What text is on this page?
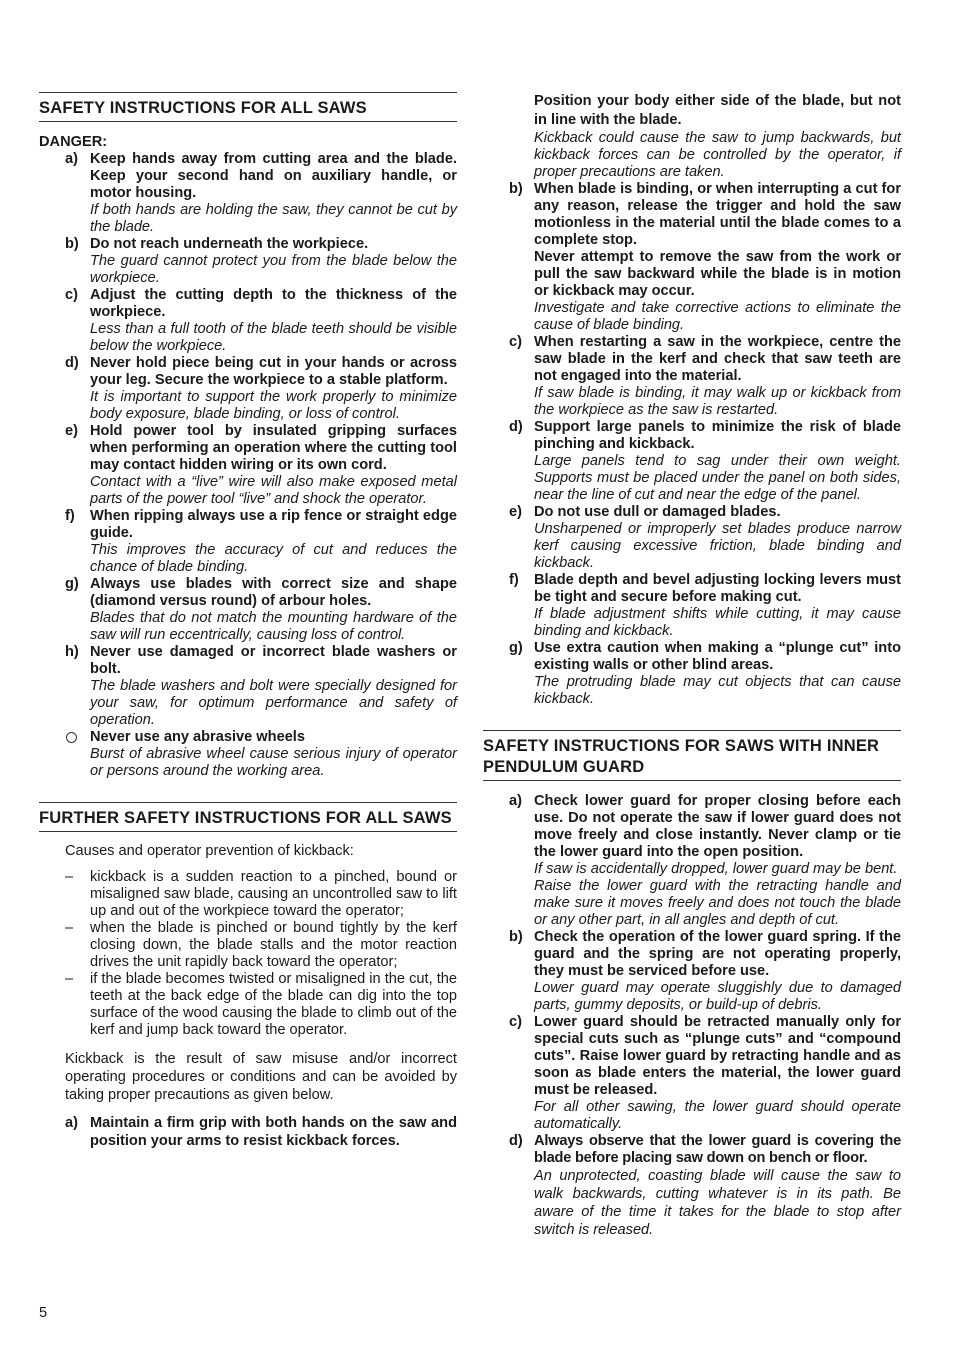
SAFETY INSTRUCTIONS FOR ALL SAWS
DANGER:
a) Keep hands away from cutting area and the blade. Keep your second hand on auxiliary handle, or motor housing.
If both hands are holding the saw, they cannot be cut by the blade.
b) Do not reach underneath the workpiece.
The guard cannot protect you from the blade below the workpiece.
c) Adjust the cutting depth to the thickness of the workpiece.
Less than a full tooth of the blade teeth should be visible below the workpiece.
d) Never hold piece being cut in your hands or across your leg. Secure the workpiece to a stable platform.
It is important to support the work properly to minimize body exposure, blade binding, or loss of control.
e) Hold power tool by insulated gripping surfaces when performing an operation where the cutting tool may contact hidden wiring or its own cord.
Contact with a “live” wire will also make exposed metal parts of the power tool “live” and shock the operator.
f) When ripping always use a rip fence or straight edge guide.
This improves the accuracy of cut and reduces the chance of blade binding.
g) Always use blades with correct size and shape (diamond versus round) of arbour holes.
Blades that do not match the mounting hardware of the saw will run eccentrically, causing loss of control.
h) Never use damaged or incorrect blade washers or bolt.
The blade washers and bolt were specially designed for your saw, for optimum performance and safety of operation.
Never use any abrasive wheels
Burst of abrasive wheel cause serious injury of operator or persons around the working area.
FURTHER SAFETY INSTRUCTIONS FOR ALL SAWS
Causes and operator prevention of kickback:
– kickback is a sudden reaction to a pinched, bound or misaligned saw blade, causing an uncontrolled saw to lift up and out of the workpiece toward the operator;
– when the blade is pinched or bound tightly by the kerf closing down, the blade stalls and the motor reaction drives the unit rapidly back toward the operator;
– if the blade becomes twisted or misaligned in the cut, the teeth at the back edge of the blade can dig into the top surface of the wood causing the blade to climb out of the kerf and jump back toward the operator.
Kickback is the result of saw misuse and/or incorrect operating procedures or conditions and can be avoided by taking proper precautions as given below.
a) Maintain a firm grip with both hands on the saw and position your arms to resist kickback forces.
Position your body either side of the blade, but not in line with the blade.
Kickback could cause the saw to jump backwards, but kickback forces can be controlled by the operator, if proper precautions are taken.
b) When blade is binding, or when interrupting a cut for any reason, release the trigger and hold the saw motionless in the material until the blade comes to a complete stop.
Never attempt to remove the saw from the work or pull the saw backward while the blade is in motion or kickback may occur.
Investigate and take corrective actions to eliminate the cause of blade binding.
c) When restarting a saw in the workpiece, centre the saw blade in the kerf and check that saw teeth are not engaged into the material.
If saw blade is binding, it may walk up or kickback from the workpiece as the saw is restarted.
d) Support large panels to minimize the risk of blade pinching and kickback.
Large panels tend to sag under their own weight. Supports must be placed under the panel on both sides, near the line of cut and near the edge of the panel.
e) Do not use dull or damaged blades.
Unsharpened or improperly set blades produce narrow kerf causing excessive friction, blade binding and kickback.
f) Blade depth and bevel adjusting locking levers must be tight and secure before making cut.
If blade adjustment shifts while cutting, it may cause binding and kickback.
g) Use extra caution when making a “plunge cut” into existing walls or other blind areas.
The protruding blade may cut objects that can cause kickback.
SAFETY INSTRUCTIONS FOR SAWS WITH INNER PENDULUM GUARD
a) Check lower guard for proper closing before each use. Do not operate the saw if lower guard does not move freely and close instantly. Never clamp or tie the lower guard into the open position.
If saw is accidentally dropped, lower guard may be bent.
Raise the lower guard with the retracting handle and make sure it moves freely and does not touch the blade or any other part, in all angles and depth of cut.
b) Check the operation of the lower guard spring. If the guard and the spring are not operating properly, they must be serviced before use.
Lower guard may operate sluggishly due to damaged parts, gummy deposits, or build-up of debris.
c) Lower guard should be retracted manually only for special cuts such as “plunge cuts” and “compound cuts”. Raise lower guard by retracting handle and as soon as blade enters the material, the lower guard must be released.
For all other sawing, the lower guard should operate automatically.
d) Always observe that the lower guard is covering the blade before placing saw down on bench or floor.
An unprotected, coasting blade will cause the saw to walk backwards, cutting whatever is in its path. Be aware of the time it takes for the blade to stop after switch is released.
5
